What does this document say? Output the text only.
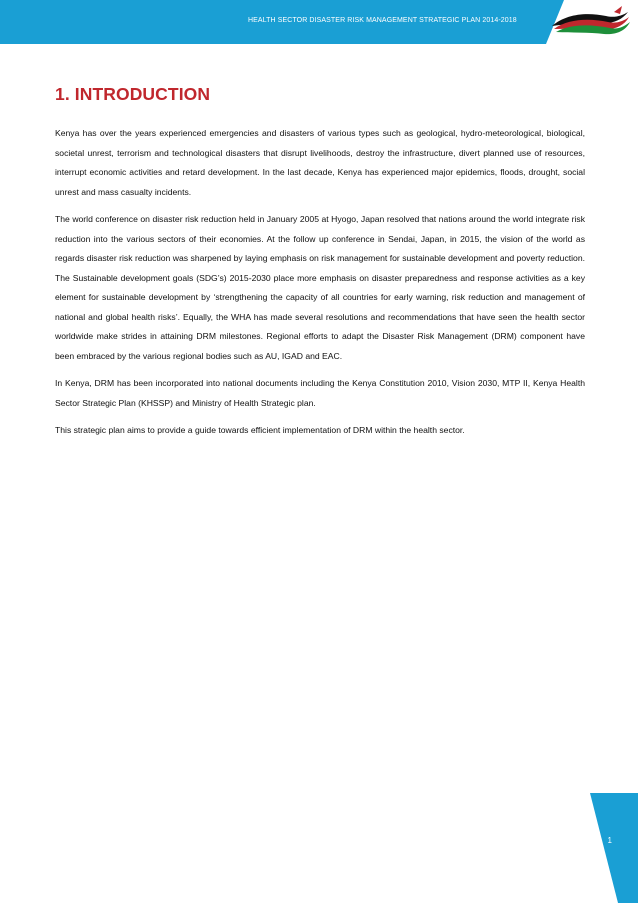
HEALTH SECTOR DISASTER RISK MANAGEMENT STRATEGIC PLAN 2014-2018
1. INTRODUCTION

Kenya has over the years experienced emergencies and disasters of various types such as geological, hydro-meteorological, biological, societal unrest, terrorism and technological disasters that disrupt livelihoods, destroy the infrastructure, divert planned use of resources, interrupt economic activities and retard development. In the last decade, Kenya has experienced major epidemics, floods, drought, social unrest and mass casualty incidents.

The world conference on disaster risk reduction held in January 2005 at Hyogo, Japan resolved that nations around the world integrate risk reduction into the various sectors of their economies. At the follow up conference in Sendai, Japan, in 2015, the vision of the world as regards disaster risk reduction was sharpened by laying emphasis on risk management for sustainable development and poverty reduction. The Sustainable development goals (SDG’s) 2015-2030 place more emphasis on disaster preparedness and response activities as a key element for sustainable development by ‘strengthening the capacity of all countries for early warning, risk reduction and management of national and global health risks’. Equally, the WHA has made several resolutions and recommendations that have seen the health sector worldwide make strides in attaining DRM milestones. Regional efforts to adapt the Disaster Risk Management (DRM) component have been embraced by the various regional bodies such as AU, IGAD and EAC.

In Kenya, DRM has been incorporated into national documents including the Kenya Constitution 2010, Vision 2030, MTP II, Kenya Health Sector Strategic Plan (KHSSP) and Ministry of Health Strategic plan.

This strategic plan aims to provide a guide towards efficient implementation of DRM within the health sector.

1
